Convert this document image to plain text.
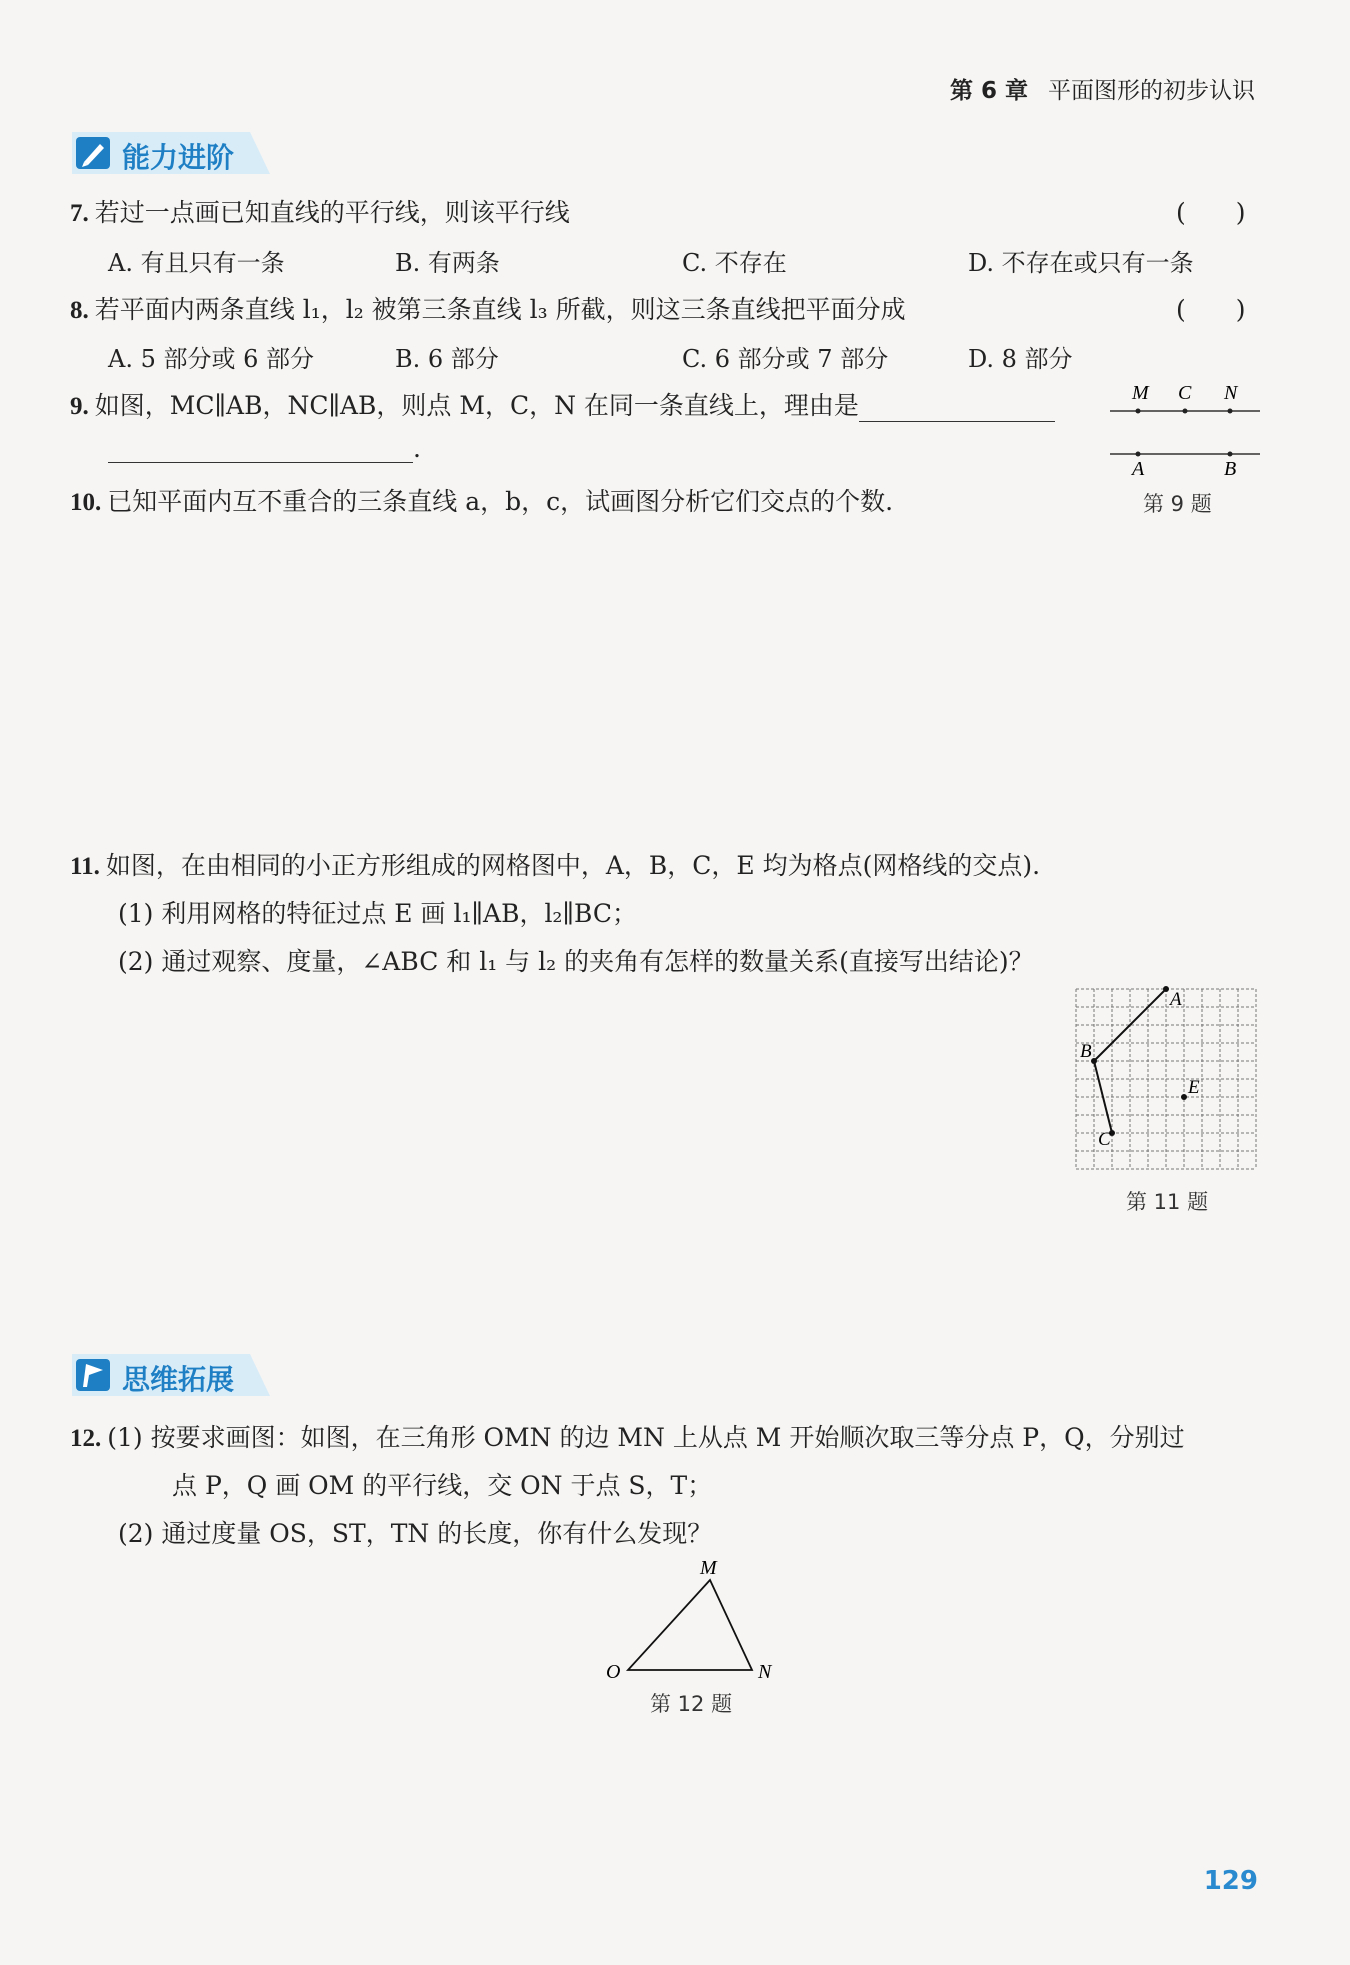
第 6 章 平面图形的初步认识
能力进阶
7. 若过一点画已知直线的平行线，则该平行线	(　　)
A. 有且只有一条	B. 有两条	C. 不存在	D. 不存在或只有一条
8. 若平面内两条直线 l₁，l₂ 被第三条直线 l₃ 所截，则这三条直线把平面分成	(　　)
A. 5 部分或 6 部分	B. 6 部分	C. 6 部分或 7 部分	D. 8 部分
9. 如图，MC∥AB，NC∥AB，则点 M，C，N 在同一条直线上，理由是
.
M C N
A	B
第 9 题
10. 已知平面内互不重合的三条直线 a，b，c，试画图分析它们交点的个数.
11. 如图，在由相同的小正方形组成的网格图中，A，B，C，E 均为格点(网格线的交点).
(1) 利用网格的特征过点 E 画 l₁∥AB，l₂∥BC；
(2) 通过观察、度量，∠ABC 和 l₁ 与 l₂ 的夹角有怎样的数量关系(直接写出结论)？
A
B
E
C
第 11 题
思维拓展
12. (1) 按要求画图：如图，在三角形 OMN 的边 MN 上从点 M 开始顺次取三等分点 P，Q，分别过
点 P，Q 画 OM 的平行线，交 ON 于点 S，T；
(2) 通过度量 OS，ST，TN 的长度，你有什么发现？
M
O	N
第 12 题
129
